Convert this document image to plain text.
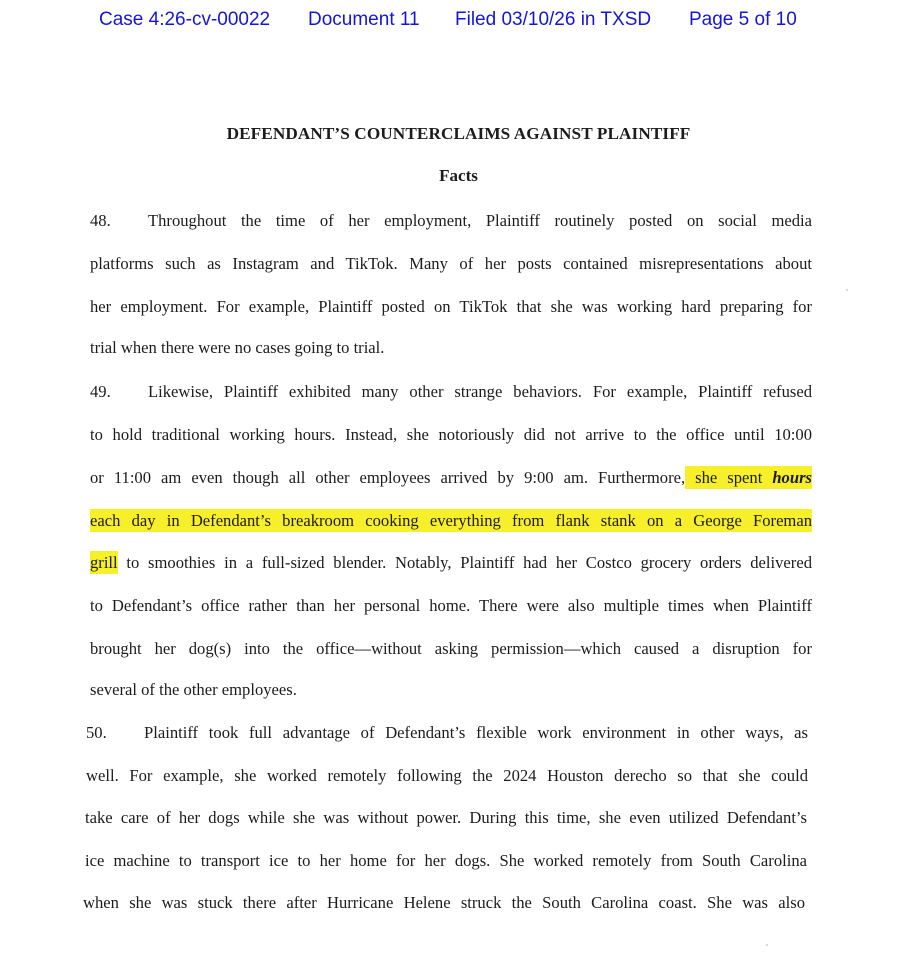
Case 4:26-cv-00022 Document 11 Filed 03/10/26 in TXSD Page 5 of 10
DEFENDANT’S COUNTERCLAIMS AGAINST PLAINTIFF
Facts
48. Throughout the time of her employment, Plaintiff routinely posted on social media
platforms such as Instagram and TikTok. Many of her posts contained misrepresentations about
her employment. For example, Plaintiff posted on TikTok that she was working hard preparing for
trial when there were no cases going to trial.
49. Likewise, Plaintiff exhibited many other strange behaviors. For example, Plaintiff refused
to hold traditional working hours. Instead, she notoriously did not arrive to the office until 10:00
or 11:00 am even though all other employees arrived by 9:00 am. Furthermore, she spent hours
each day in Defendant’s breakroom cooking everything from flank stank on a George Foreman
grill to smoothies in a full-sized blender. Notably, Plaintiff had her Costco grocery orders delivered
to Defendant’s office rather than her personal home. There were also multiple times when Plaintiff
brought her dog(s) into the office—without asking permission—which caused a disruption for
several of the other employees.
50. Plaintiff took full advantage of Defendant’s flexible work environment in other ways, as
well. For example, she worked remotely following the 2024 Houston derecho so that she could
take care of her dogs while she was without power. During this time, she even utilized Defendant’s
ice machine to transport ice to her home for her dogs. She worked remotely from South Carolina
when she was stuck there after Hurricane Helene struck the South Carolina coast. She was also
